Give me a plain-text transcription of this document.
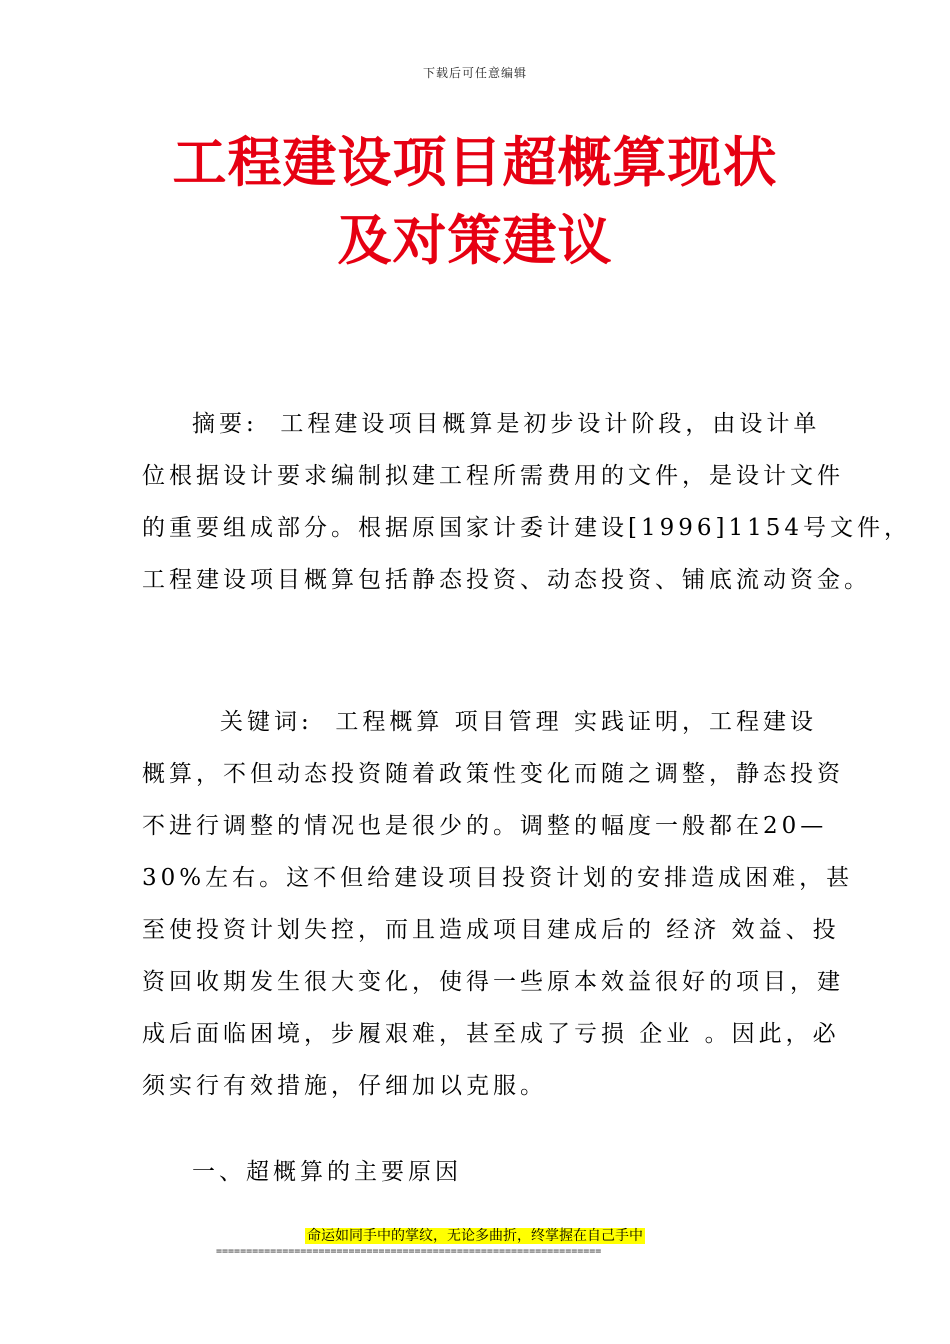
下载后可任意编辑
工程建设项目超概算现状
及对策建议
摘要: 工程建设项目概算是初步设计阶段，由设计单
位根据设计要求编制拟建工程所需费用的文件，是设计文件
的重要组成部分。根据原国家计委计建设[1996]1154号文件，
工程建设项目概算包括静态投资、动态投资、铺底流动资金。
关键词: 工程概算 项目管理 实践证明，工程建设
概算，不但动态投资随着政策性变化而随之调整，静态投资
不进行调整的情况也是很少的。调整的幅度一般都在20—
30%左右。这不但给建设项目投资计划的安排造成困难，甚
至使投资计划失控，而且造成项目建成后的 经济 效益、投
资回收期发生很大变化，使得一些原本效益很好的项目，建
成后面临困境，步履艰难，甚至成了亏损 企业 。因此，必
须实行有效措施，仔细加以克服。
一、超概算的主要原因
命运如同手中的掌纹，无论多曲折，终掌握在自己手中
================================================================
